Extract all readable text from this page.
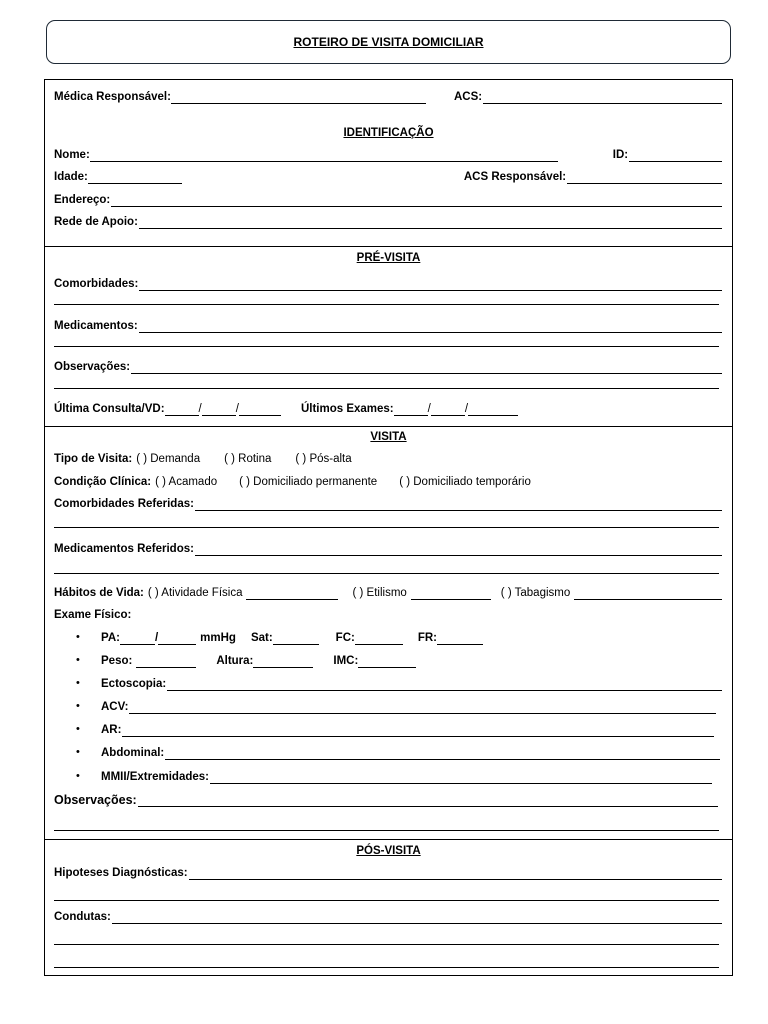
ROTEIRO DE VISITA DOMICILIAR
Médica Responsável:	ACS:
IDENTIFICAÇÃO
Nome:	ID:
Idade:	ACS Responsável:
Endereço:
Rede de Apoio:
PRÉ-VISITA
Comorbidades:
Medicamentos:
Observações:
Última Consulta/VD:	/	/	Últimos Exames:	/	/
VISITA
Tipo de Visita: ( ) Demanda ( ) Rotina ( ) Pós-alta
Condição Clínica: ( ) Acamado ( ) Domiciliado permanente ( ) Domiciliado temporário
Comorbidades Referidas:
Medicamentos Referidos:
Hábitos de Vida: ( ) Atividade Física	( ) Etilismo	( ) Tabagismo
Exame Físico:
• PA:	/	mmHg Sat:	FC:	FR:
• Peso:	Altura:	IMC:
• Ectoscopia:
• ACV:
• AR:
• Abdominal:
• MMII/Extremidades:
Observações:
PÓS-VISITA
Hipoteses Diagnósticas:
Condutas:
